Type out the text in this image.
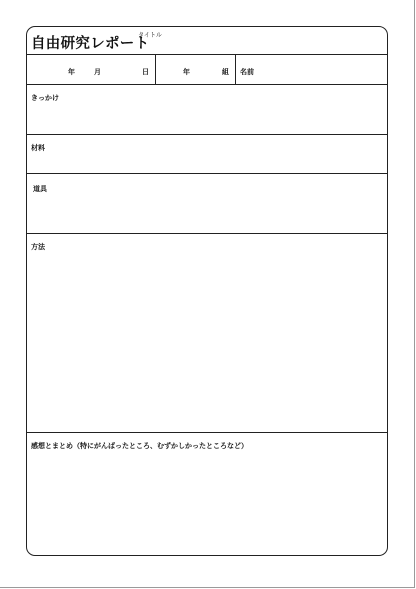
自由研究レポート
タイトル
年	月	日	年	組 名前
きっかけ
材料
道具
方法
感想とまとめ（特にがんばったところ、むずかしかったところなど）
